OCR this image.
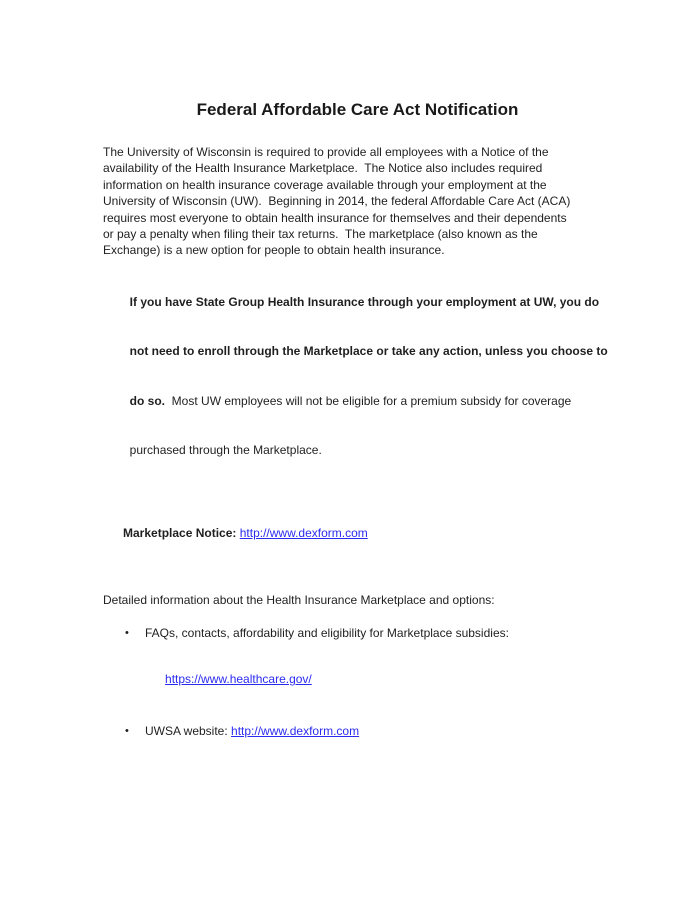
Federal Affordable Care Act Notification
The University of Wisconsin is required to provide all employees with a Notice of the
availability of the Health Insurance Marketplace.  The Notice also includes required
information on health insurance coverage available through your employment at the
University of Wisconsin (UW).  Beginning in 2014, the federal Affordable Care Act (ACA)
requires most everyone to obtain health insurance for themselves and their dependents
or pay a penalty when filing their tax returns.  The marketplace (also known as the
Exchange) is a new option for people to obtain health insurance.

If you have State Group Health Insurance through your employment at UW, you do

not need to enroll through the Marketplace or take any action, unless you choose to

do so.  Most UW employees will not be eligible for a premium subsidy for coverage

purchased through the Marketplace.

Marketplace Notice: http://www.dexform.com

Detailed information about the Health Insurance Marketplace and options:
•	FAQs, contacts, affordability and eligibility for Marketplace subsidies:

https://www.healthcare.gov/

•	UWSA website: http://www.dexform.com
